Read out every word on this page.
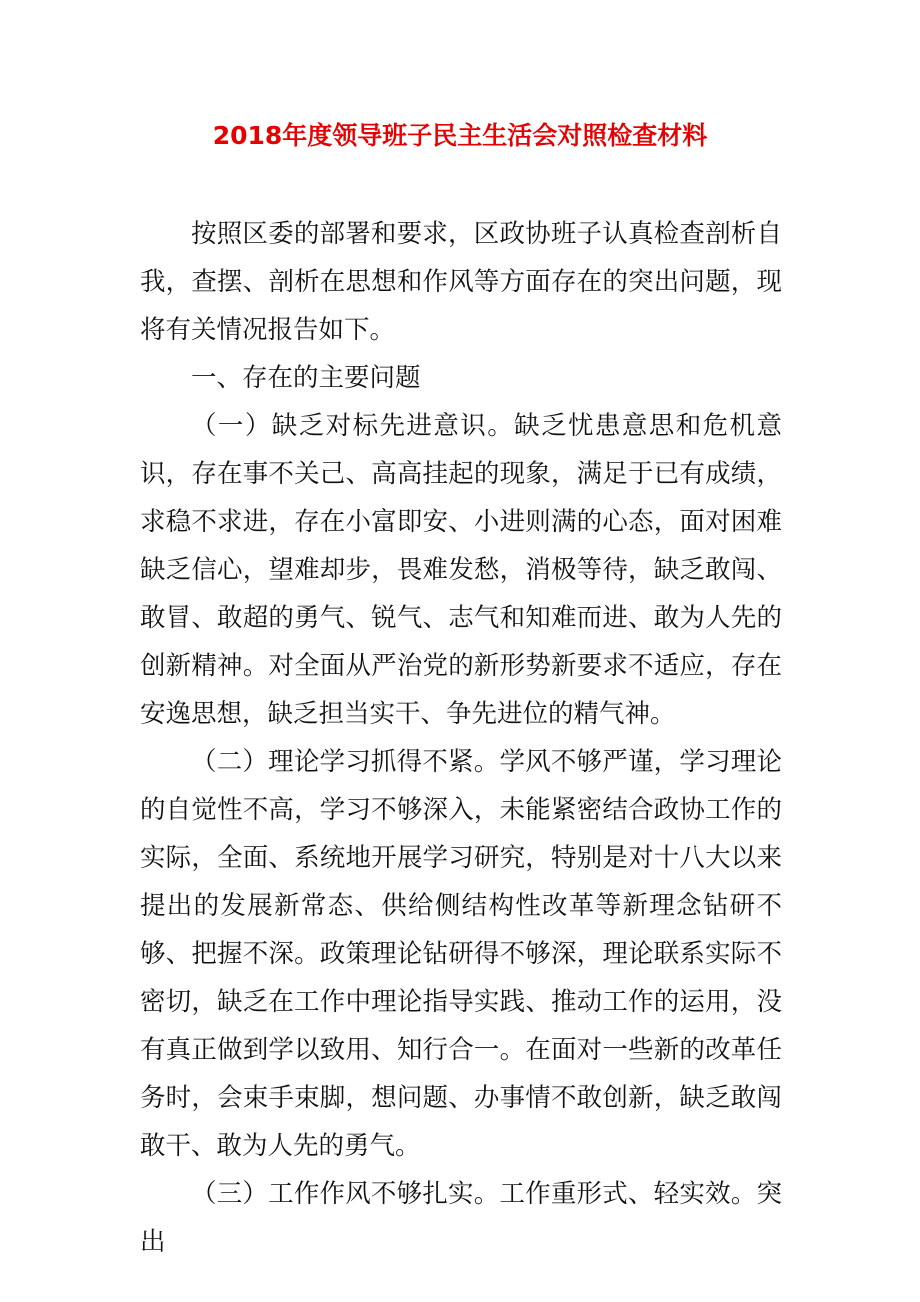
2018年度领导班子民主生活会对照检查材料

按照区委的部署和要求，区政协班子认真检查剖析自我，查摆、剖析在思想和作风等方面存在的突出问题，现将有关情况报告如下。

一、存在的主要问题

（一）缺乏对标先进意识。缺乏忧患意思和危机意识，存在事不关己、高高挂起的现象，满足于已有成绩，求稳不求进，存在小富即安、小进则满的心态，面对困难缺乏信心，望难却步，畏难发愁，消极等待，缺乏敢闯、敢冒、敢超的勇气、锐气、志气和知难而进、敢为人先的创新精神。对全面从严治党的新形势新要求不适应，存在安逸思想，缺乏担当实干、争先进位的精气神。

（二）理论学习抓得不紧。学风不够严谨，学习理论的自觉性不高，学习不够深入，未能紧密结合政协工作的实际，全面、系统地开展学习研究，特别是对十八大以来提出的发展新常态、供给侧结构性改革等新理念钻研不够、把握不深。政策理论钻研得不够深，理论联系实际不密切，缺乏在工作中理论指导实践、推动工作的运用，没有真正做到学以致用、知行合一。在面对一些新的改革任务时，会束手束脚，想问题、办事情不敢创新，缺乏敢闯敢干、敢为人先的勇气。

（三）工作作风不够扎实。工作重形式、轻实效。突出
